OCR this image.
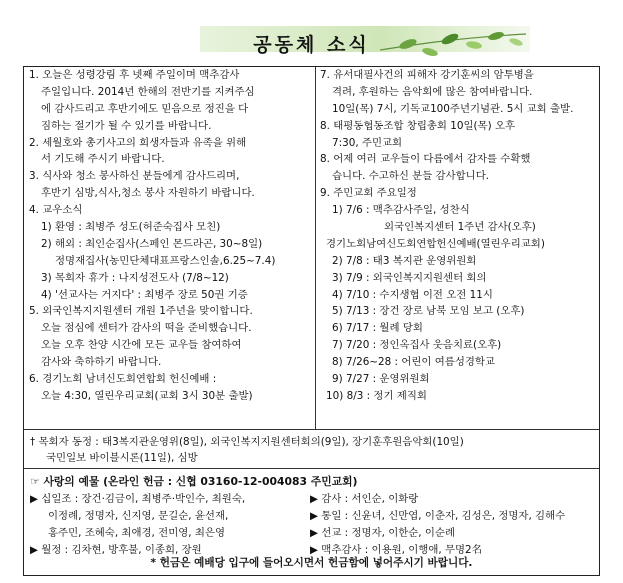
공동체 소식
1. 오늘은 성령강림 후 넷째 주일이며 맥추감사
주일입니다. 2014년 한해의 전반기를 지켜주심
에 감사드리고 후반기에도 믿음으로 정진을 다
짐하는 절기가 될 수 있기를 바랍니다.
2. 세월호와 총기사고의 희생자들과 유족을 위해
서 기도해 주시기 바랍니다.
3. 식사와 청소 봉사하신 분들에게 감사드리며,
후반기 심방,식사,청소 봉사 자원하기 바랍니다.
4. 교우소식
1) 환영 : 최병주 성도(허준숙집사 모친)
2) 해외 : 최인순집사(스페인 몬드라곤, 30~8일)
정명재집사(농민단체대표프랑스인솔,6.25~7.4)
3) 목회자 휴가 : 나지성전도사 (7/8~12)
4) '선교사는 거지다' : 최병주 장로 50권 기증
5. 외국인복지지원센터 개원 1주년을 맞이합니다.
오늘 점심에 센터가 감사의 떡을 준비했습니다.
오늘 오후 찬양 시간에 모든 교우들 참여하여
감사와 축하하기 바랍니다.
6. 경기노회 남녀신도회연합회 헌신예배 :
오늘 4:30, 열린우리교회(교회 3시 30분 출발)
7. 유서대필사건의 피해자 강기훈씨의 암투병을
격려, 후원하는 음악회에 많은 참여바랍니다.
10일(목) 7시, 기독교100주년기념관. 5시 교회 출발.
8. 태평동협동조합 창립총회 10일(목) 오후
7:30, 주민교회
8. 어제 여러 교우들이 다름에서 감자를 수확했
습니다. 수고하신 분들 감사합니다.
9. 주민교회 주요일정
1) 7/6 : 맥추감사주일, 성찬식
외국인복지센터 1주년 감사(오후)
경기노회남여신도회연합헌신예배(열린우리교회)
2) 7/8 : 태3 복지관 운영위원회
3) 7/9 : 외국인복지지원센터 회의
4) 7/10 : 수지생협 이전 오전 11시
5) 7/13 : 장건 장로 남북 모임 보고 (오후)
6) 7/17 : 월례 당회
7) 7/20 : 정인옥집사 웃음치료(오후)
8) 7/26~28 : 어린이 여름성경학교
9) 7/27 : 운영위원회
10) 8/3 : 정기 제직회
† 목회자 동정 : 태3복지관운영위(8일), 외국인복지지원센터회의(9일), 장기훈후원음악회(10일)
국민일보 바이블시론(11일), 심방
☞ 사랑의 예물 (온라인 헌금 : 신협 03160-12-004083 주민교회)
▶ 십일조 : 장건·김금이, 최병주·박인수, 최원숙,
이정례, 정명자, 신지영, 문길순, 윤선재,
홍주민, 조혜숙, 최애경, 전미영, 최은영
▶ 월정 : 김차현, 방후불, 이종희, 장원
▶ 감사 : 서인순, 이화랑
▶ 통일 : 신윤녀, 신만엽, 이춘자, 김성은, 정명자, 김해수
▶ 선교 : 정명자, 이한순, 이순례
▶ 맥추감사 : 이용원, 이행애, 무명2名
* 헌금은 예배당 입구에 들어오시면서 헌금함에 넣어주시기 바랍니다.
